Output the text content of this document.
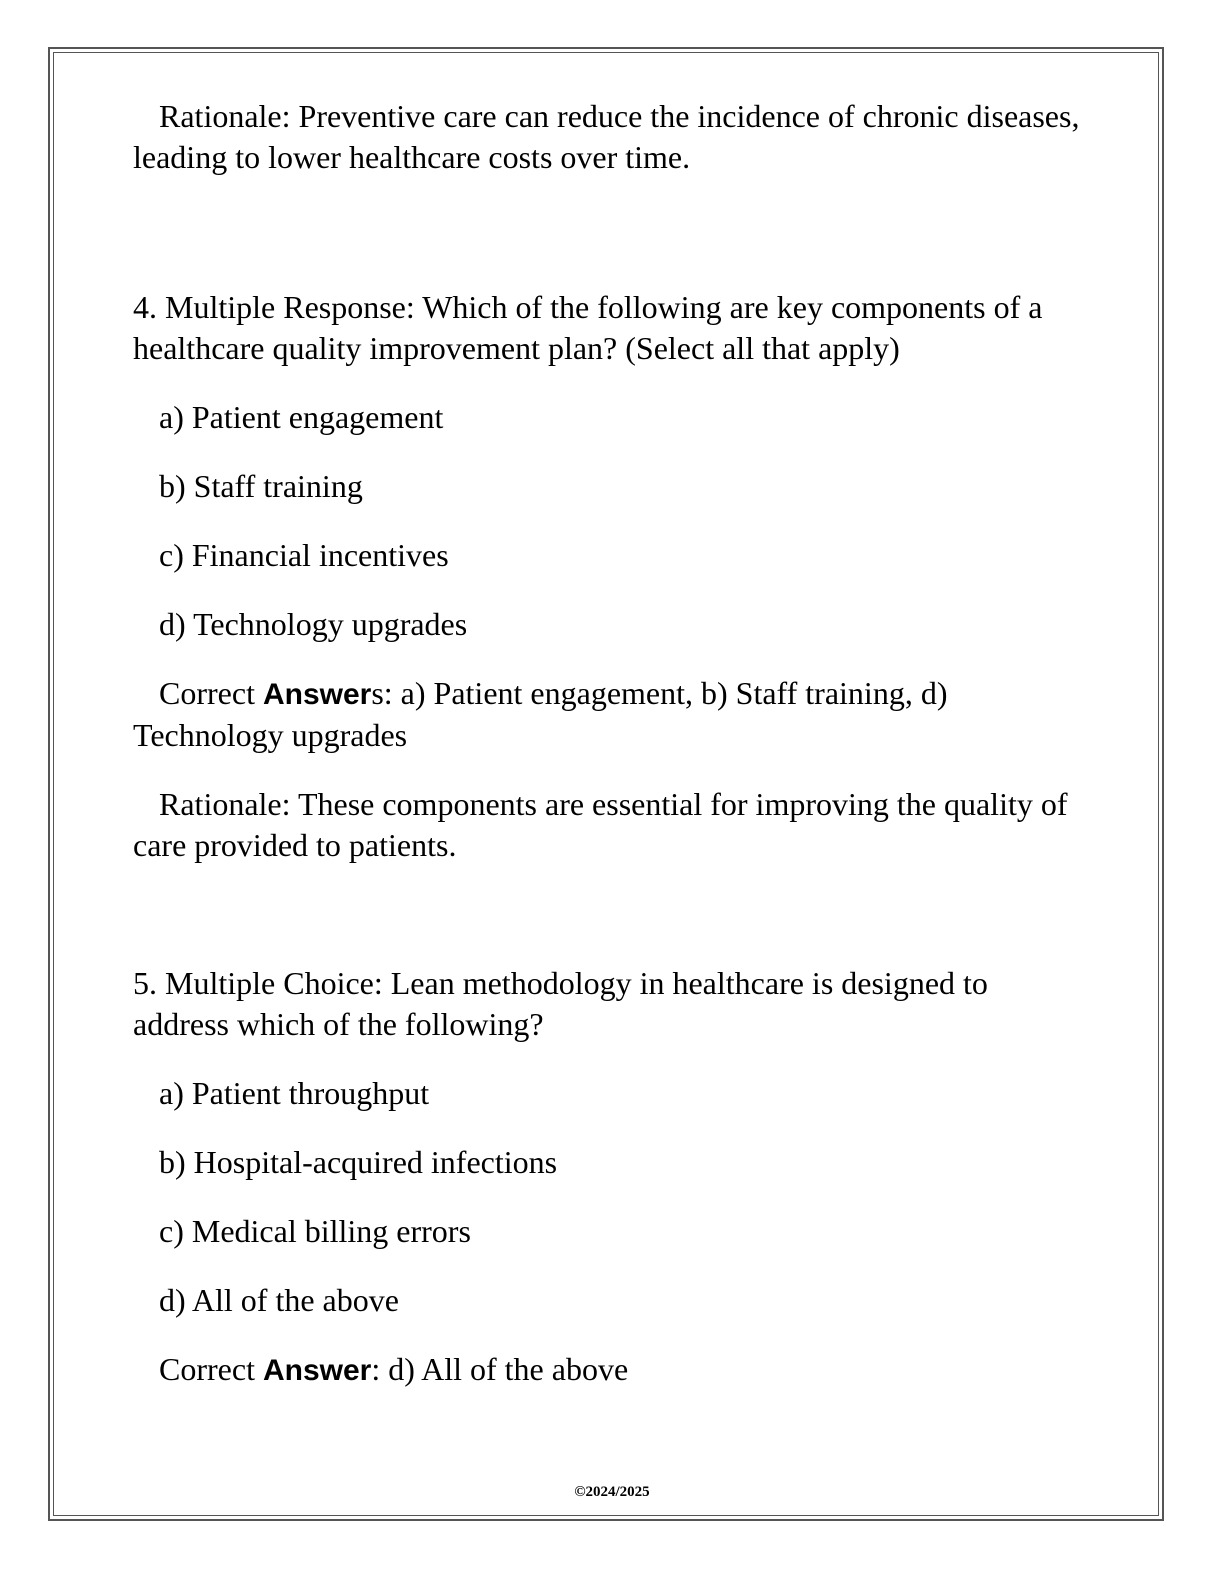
Rationale: Preventive care can reduce the incidence of chronic diseases, leading to lower healthcare costs over time.

4. Multiple Response: Which of the following are key components of a healthcare quality improvement plan? (Select all that apply)

a) Patient engagement

b) Staff training

c) Financial incentives

d) Technology upgrades

Correct Answers: a) Patient engagement, b) Staff training, d) Technology upgrades

Rationale: These components are essential for improving the quality of care provided to patients.

5. Multiple Choice: Lean methodology in healthcare is designed to address which of the following?

a) Patient throughput

b) Hospital-acquired infections

c) Medical billing errors

d) All of the above

Correct Answer: d) All of the above

©2024/2025
